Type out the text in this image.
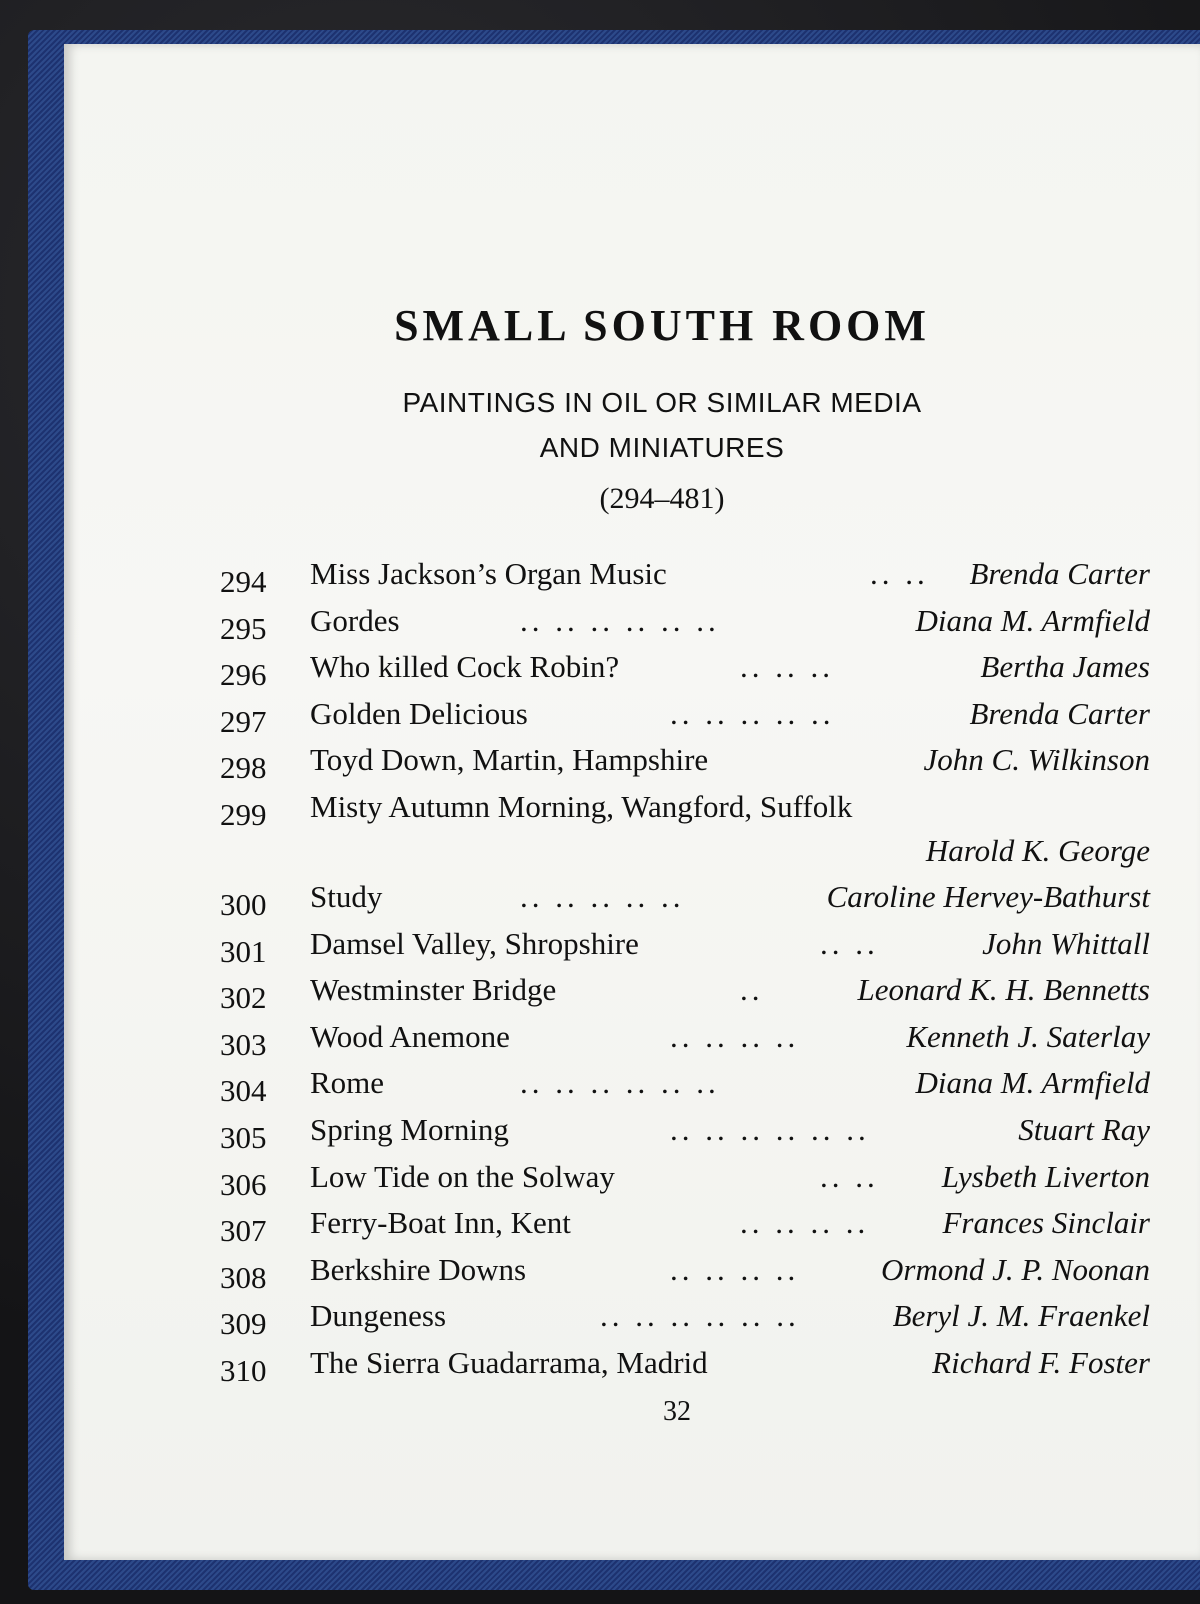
SMALL SOUTH ROOM
PAINTINGS IN OIL OR SIMILAR MEDIA
AND MINIATURES
(294–481)
294	Miss Jackson’s Organ Music	.. .. Brenda Carter
295	Gordes	.. .. .. .. .. ..	Diana M. Armfield
296	Who killed Cock Robin?	.. .. ..	Bertha James
297	Golden Delicious	.. .. .. .. ..	Brenda Carter
298	Toyd Down, Martin, Hampshire	John C. Wilkinson
299	Misty Autumn Morning, Wangford, Suffolk
Harold K. George
300	Study	.. .. .. .. ..	Caroline Hervey-Bathurst
301	Damsel Valley, Shropshire	.. ..	John Whittall
302	Westminster Bridge	..	Leonard K. H. Bennetts
303	Wood Anemone	.. .. .. ..	Kenneth J. Saterlay
304	Rome	.. .. .. .. .. ..	Diana M. Armfield
305	Spring Morning	.. .. .. .. .. ..	Stuart Ray
306	Low Tide on the Solway	.. .. Lysbeth Liverton
307	Ferry-Boat Inn, Kent	.. .. .. .. Frances Sinclair
308	Berkshire Downs	.. .. .. ..	Ormond J. P. Noonan
309	Dungeness	.. .. .. .. .. ..	Beryl J. M. Fraenkel
310	The Sierra Guadarrama, Madrid	Richard F. Foster
32
